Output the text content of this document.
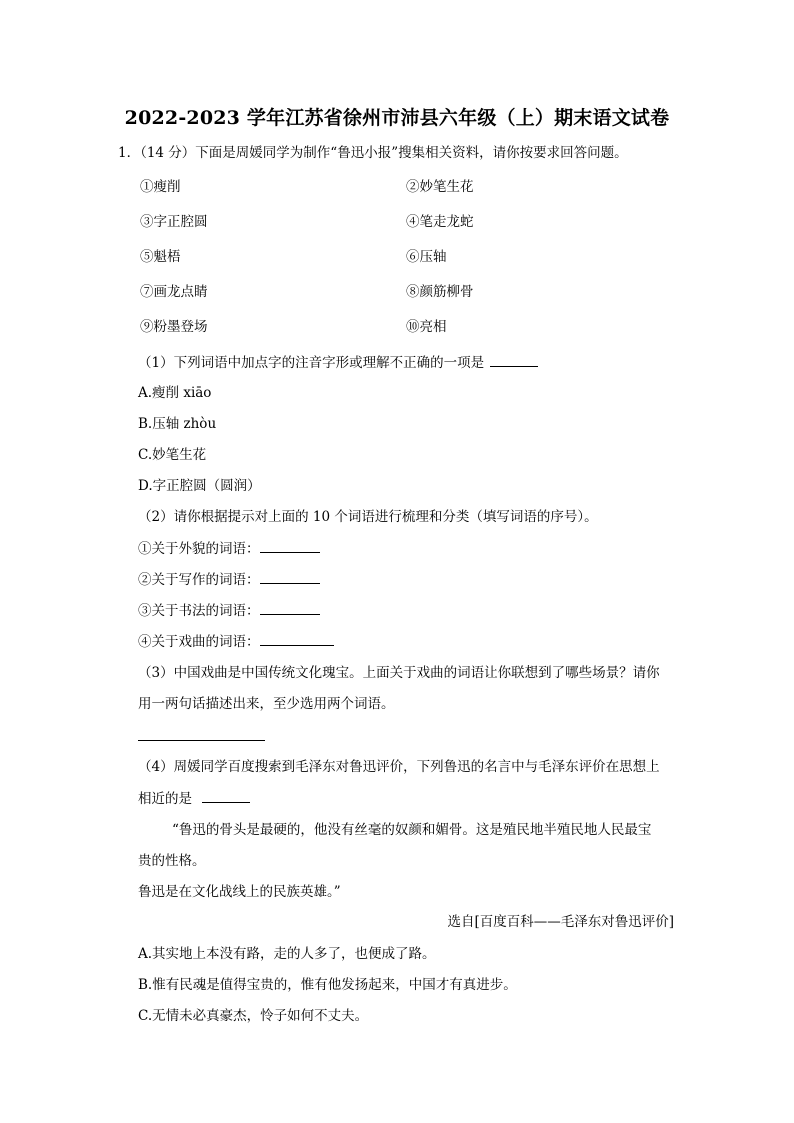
2022-2023 学年江苏省徐州市沛县六年级（上）期末语文试卷
1．（14 分）下面是周媛同学为制作“鲁迅小报”搜集相关资料，请你按要求回答问题。
①瘦削	②妙笔生花
③字正腔圆	④笔走龙蛇
⑤魁梧	⑥压轴
⑦画龙点睛	⑧颜筋柳骨
⑨粉墨登场	⑩亮相
（1）下列词语中加点字的注音字形或理解不正确的一项是
A.瘦削 xiāo
B.压轴 zhòu
C.妙笔生花
D.字正腔圆（圆润）
（2）请你根据提示对上面的 10 个词语进行梳理和分类（填写词语的序号）。
①关于外貌的词语：
②关于写作的词语：
③关于书法的词语：
④关于戏曲的词语：
（3）中国戏曲是中国传统文化瑰宝。上面关于戏曲的词语让你联想到了哪些场景？请你
用一两句话描述出来，至少选用两个词语。
（4）周媛同学百度搜索到毛泽东对鲁迅评价，下列鲁迅的名言中与毛泽东评价在思想上
相近的是
“鲁迅的骨头是最硬的，他没有丝毫的奴颜和媚骨。这是殖民地半殖民地人民最宝
贵的性格。
鲁迅是在文化战线上的民族英雄。”
选自[百度百科——毛泽东对鲁迅评价]
A.其实地上本没有路，走的人多了，也便成了路。
B.惟有民魂是值得宝贵的，惟有他发扬起来，中国才有真进步。
C.无情未必真豪杰，怜子如何不丈夫。
